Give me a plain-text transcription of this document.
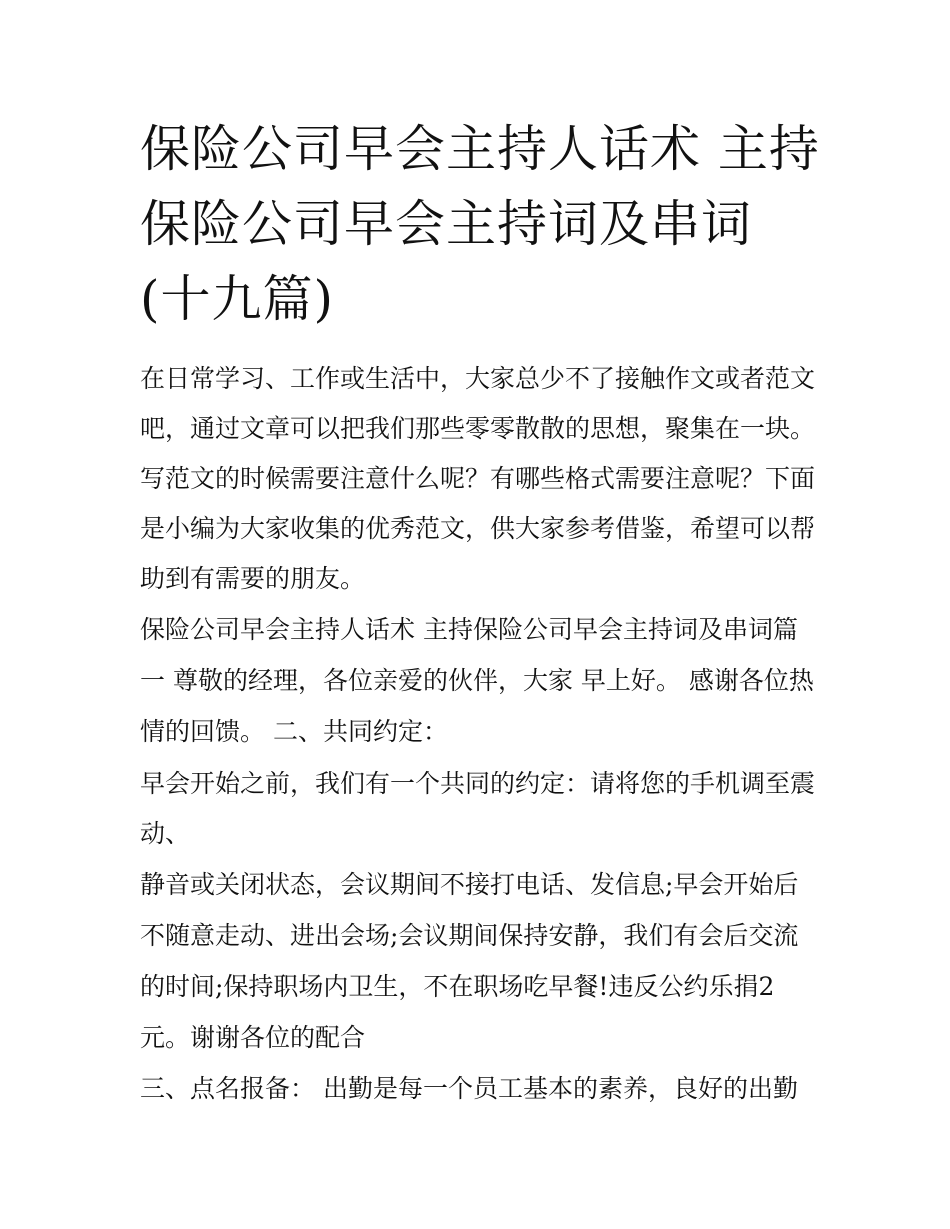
保险公司早会主持人话术 主持保险公司早会主持词及串词(十九篇)

在日常学习、工作或生活中，大家总少不了接触作文或者范文

吧，通过文章可以把我们那些零零散散的思想，聚集在一块。

写范文的时候需要注意什么呢？有哪些格式需要注意呢？下面

是小编为大家收集的优秀范文，供大家参考借鉴，希望可以帮

助到有需要的朋友。

保险公司早会主持人话术 主持保险公司早会主持词及串词篇

一 尊敬的经理，各位亲爱的伙伴，大家 早上好。 感谢各位热

情的回馈。 二、共同约定：

早会开始之前，我们有一个共同的约定：请将您的手机调至震

动、

静音或关闭状态，会议期间不接打电话、发信息;早会开始后

不随意走动、进出会场;会议期间保持安静，我们有会后交流

的时间;保持职场内卫生，不在职场吃早餐!违反公约乐捐2

元。谢谢各位的配合

三、点名报备： 出勤是每一个员工基本的素养，良好的出勤
